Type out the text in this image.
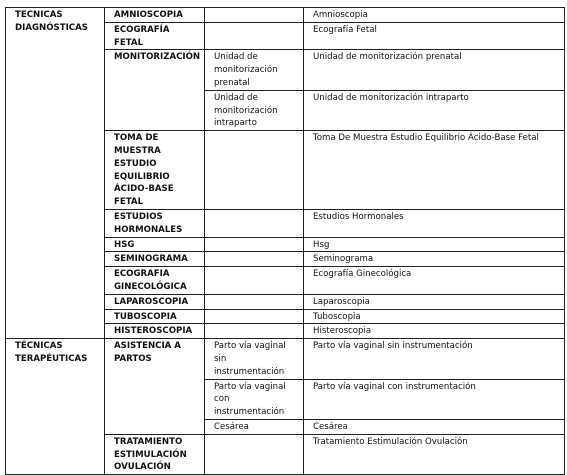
TECNICAS DIAGNÓSTICAS	AMNIOSCOPIA		Amnioscopia
	ECOGRAFÍA FETAL		Ecografía Fetal
	MONITORIZACIÓN	Unidad de monitorización prenatal	Unidad de monitorización prenatal
		Unidad de monitorización intraparto	Unidad de monitorización intraparto
	TOMA DE MUESTRA ESTUDIO EQUILIBRIO ÁCIDO-BASE FETAL		Toma De Muestra Estudio Equilibrio Ácido-Base Fetal
	ESTUDIOS HORMONALES		Estudios Hormonales
	HSG		Hsg
	SEMINOGRAMA		Seminograma
	ECOGRAFIA GINECOLÓGICA		Ecografía Ginecológica
	LAPAROSCOPIA		Laparoscopia
	TUBOSCOPIA		Tuboscopia
	HISTEROSCOPIA		Histeroscopia
TÉCNICAS TERAPÉUTICAS	ASISTENCIA A PARTOS	Parto vía vaginal sin instrumentación	Parto vía vaginal sin instrumentación
		Parto vía vaginal con instrumentación	Parto vía vaginal con instrumentación
		Cesárea	Cesárea
	TRATAMIENTO ESTIMULACIÓN OVULACIÓN		Tratamiento Estimulación Ovulación
